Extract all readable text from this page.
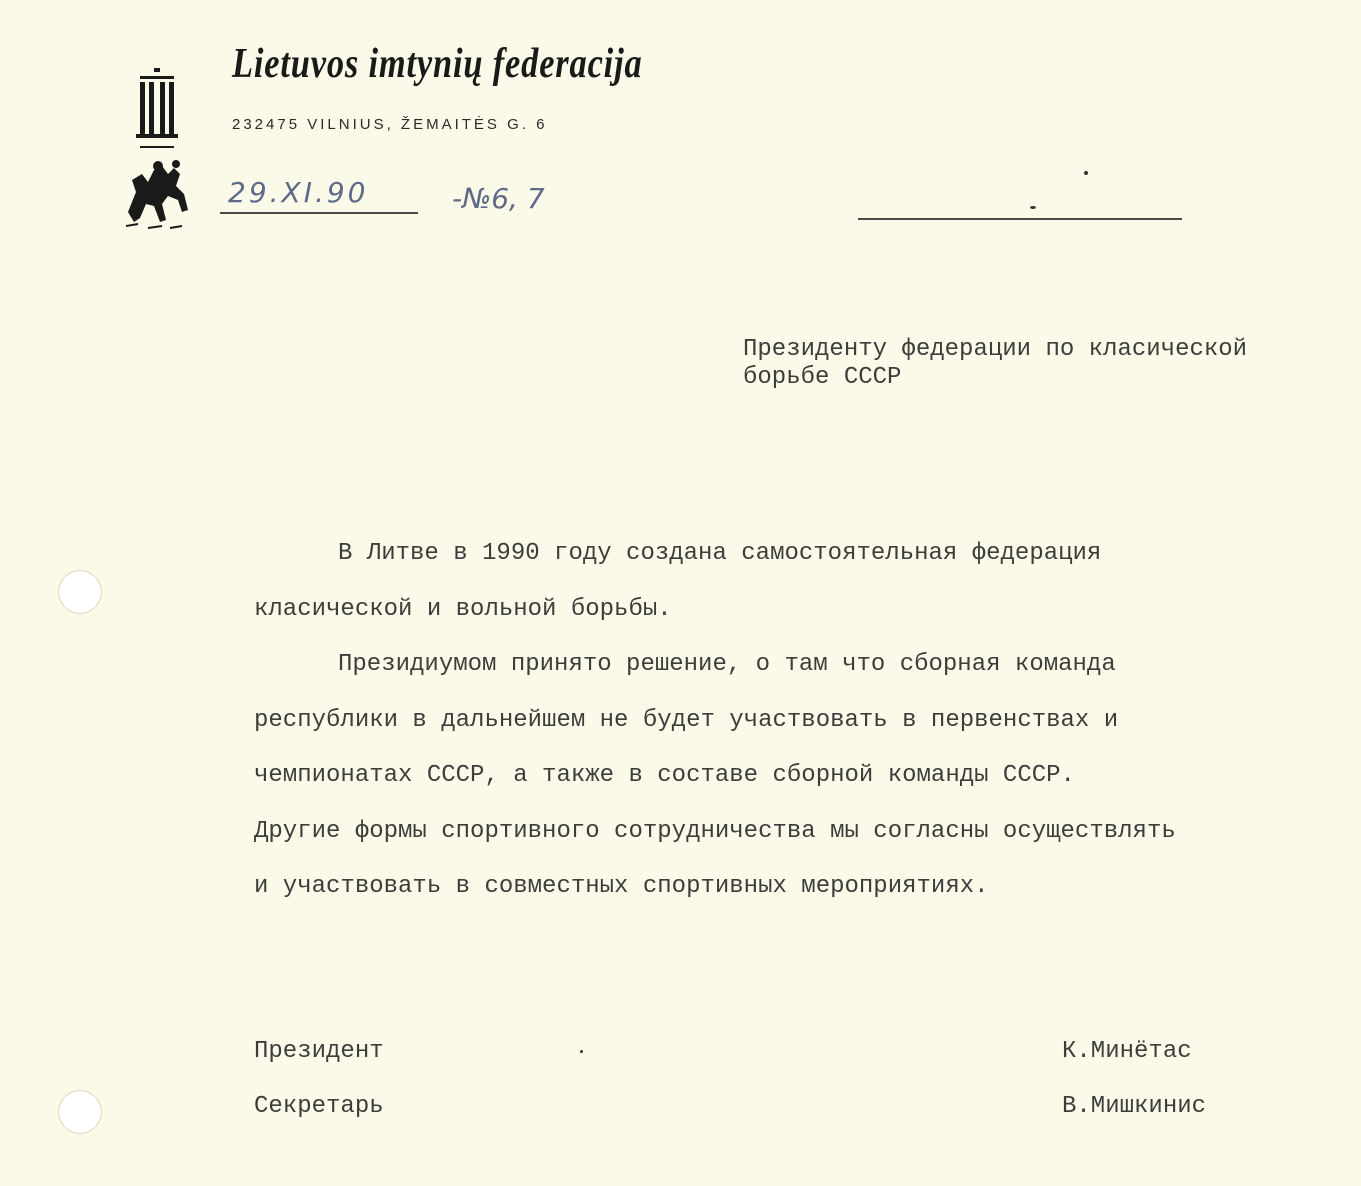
Lietuvos imtynių federacija
232475 VILNIUS, ŽEMAITĖS G. 6
29.XI.90	-№6, 7

Президенту федерации по класической

борьбе СССР

В Литве в 1990 году создана самостоятельная федерация

класической и вольной борьбы.

Президиумом принято решение, о там что сборная команда

республики в дальнейшем не будет участвовать в первенствах и

чемпионатах СССР, а также в составе сборной команды СССР.

Другие формы спортивного сотрудничества мы согласны осуществлять

и участвовать в совместных спортивных мероприятиях.

Президент	К.Минётас

Секретарь	В.Мишкинис
